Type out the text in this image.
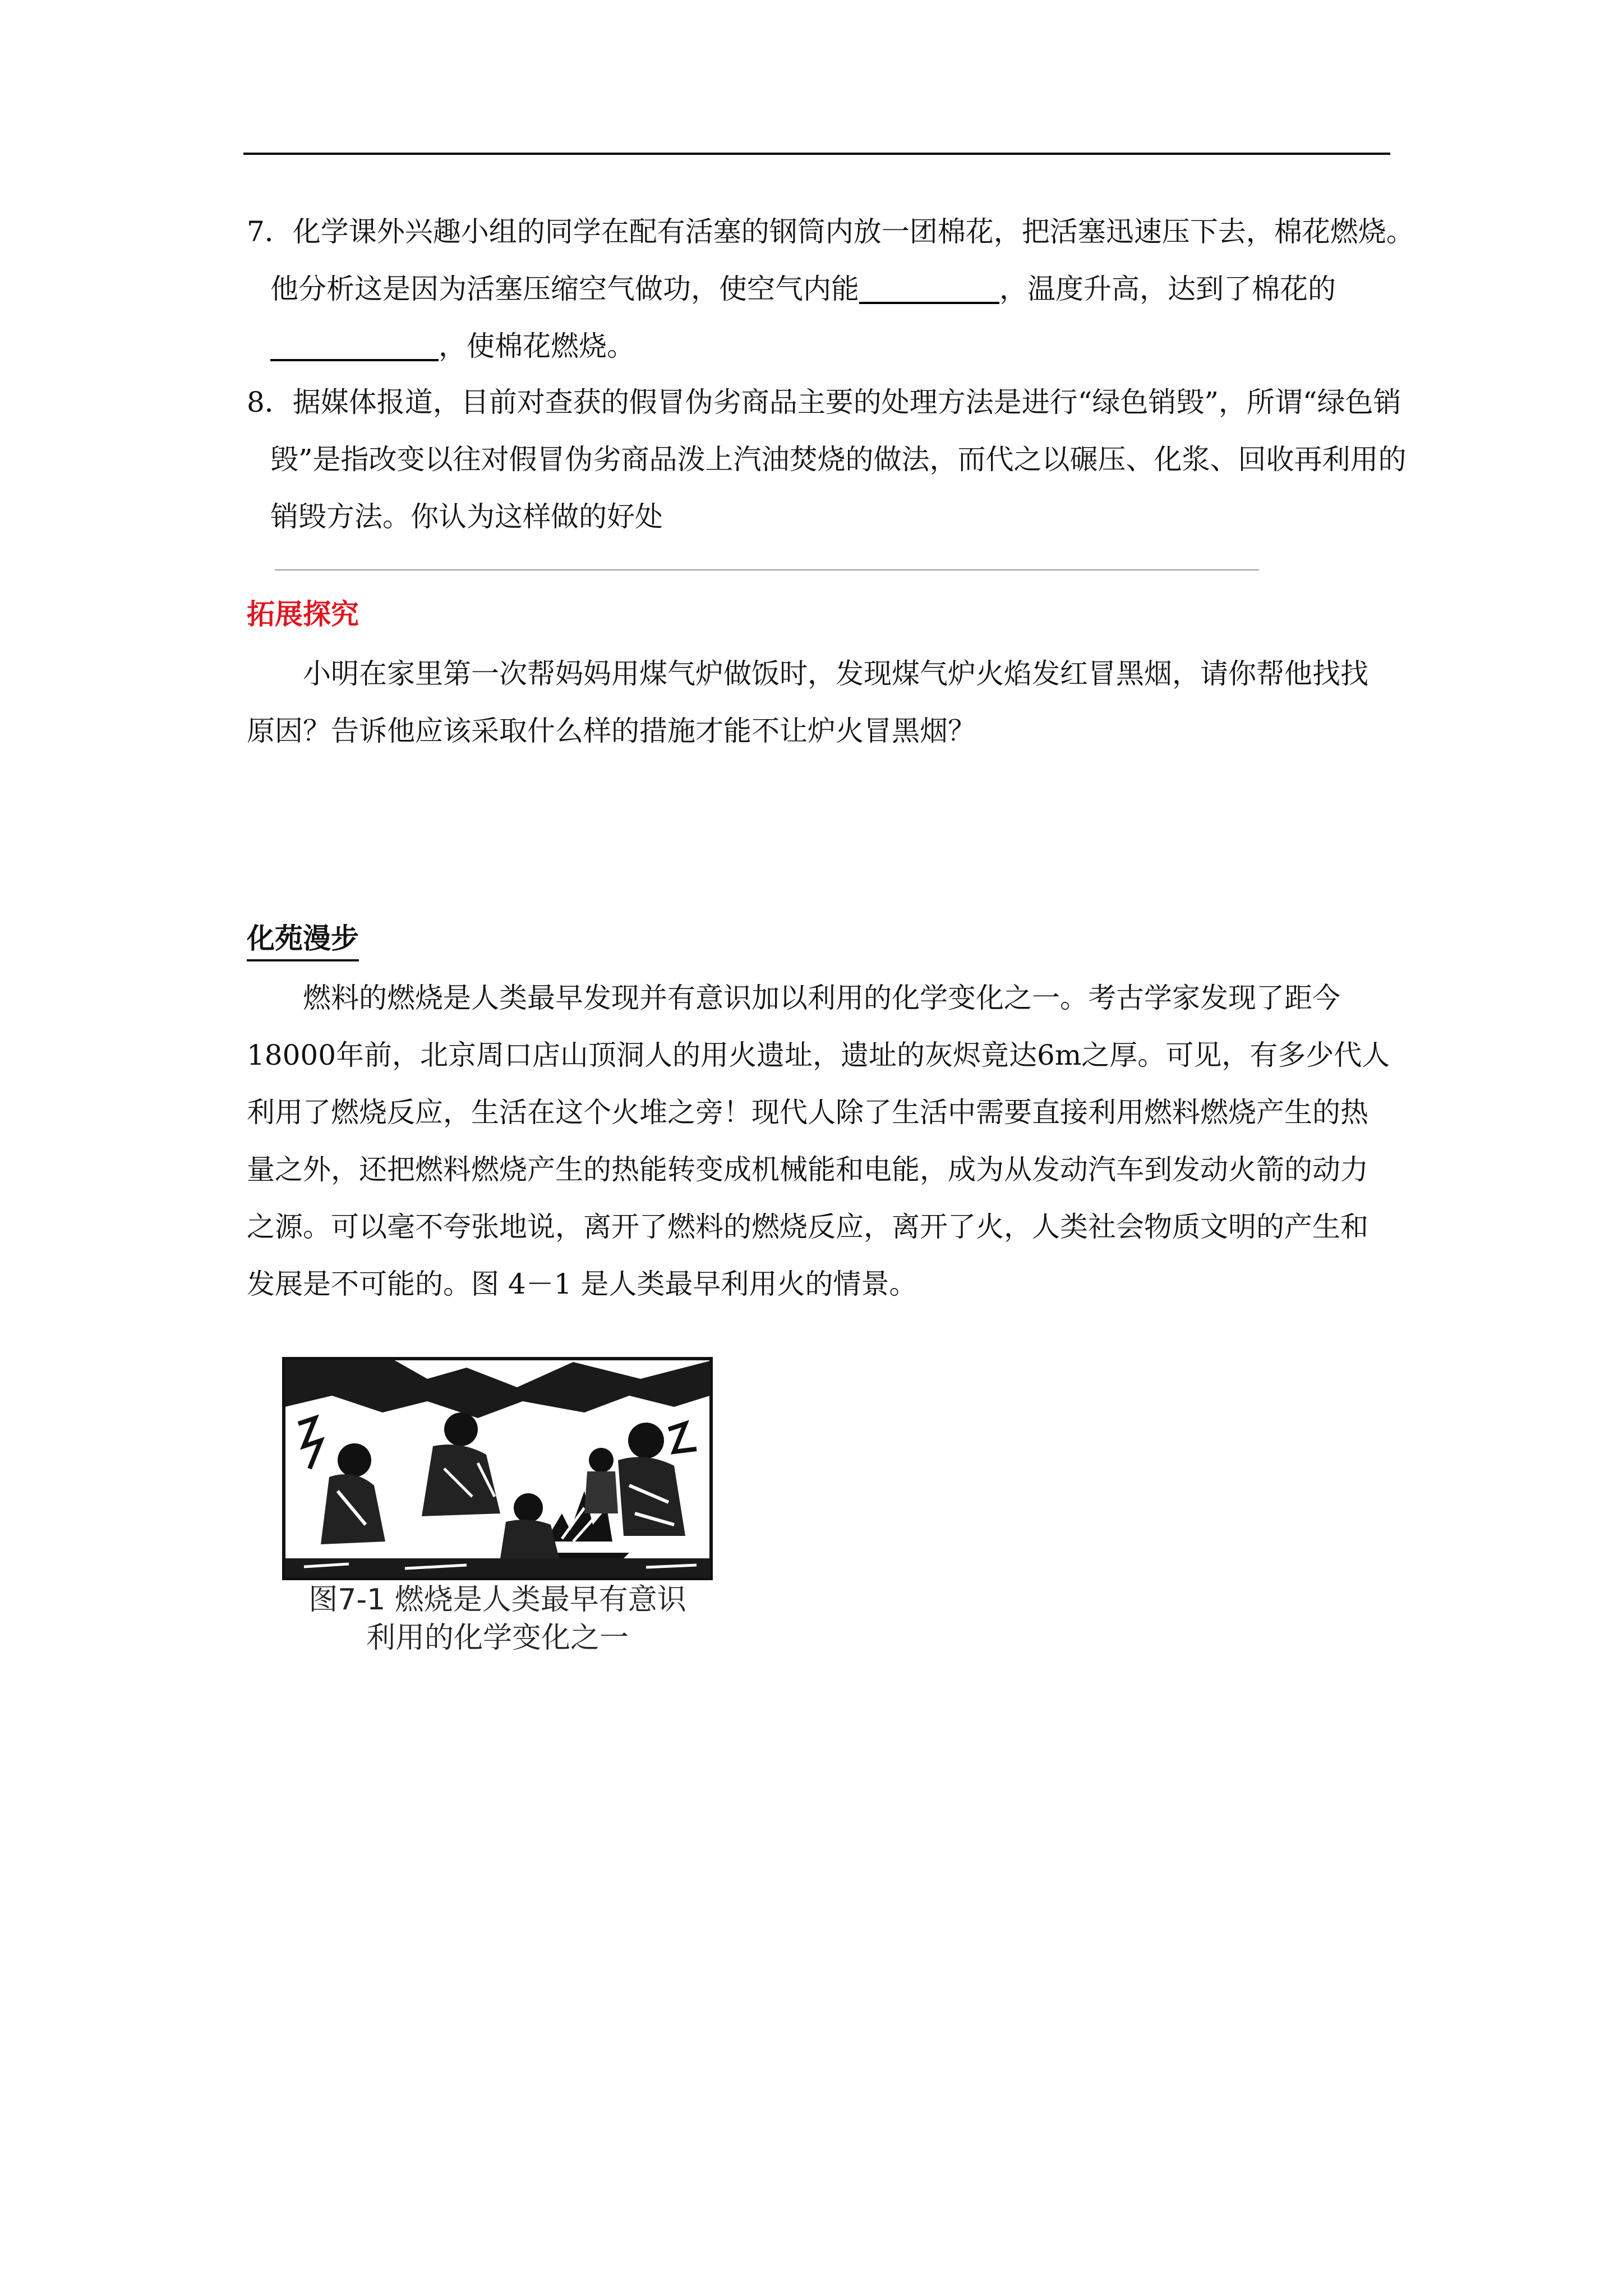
7．化学课外兴趣小组的同学在配有活塞的钢筒内放一团棉花，把活塞迅速压下去，棉花燃烧。他分析这是因为活塞压缩空气做功，使空气内能	，温度升高，达到了棉花的，使棉花燃烧。
8．据媒体报道，目前对查获的假冒伪劣商品主要的处理方法是进行“绿色销毁”，所谓“绿色销毁”是指改变以往对假冒伪劣商品泼上汽油焚烧的做法，而代之以碾压、化浆、回收再利用的销毁方法。你认为这样做的好处
拓展探究
小明在家里第一次帮妈妈用煤气炉做饭时，发现煤气炉火焰发红冒黑烟，请你帮他找找原因？告诉他应该采取什么样的措施才能不让炉火冒黑烟？
化苑漫步
燃料的燃烧是人类最早发现并有意识加以利用的化学变化之一。考古学家发现了距今18000年前，北京周口店山顶洞人的用火遗址，遗址的灰烬竟达6m之厚。可见，有多少代人利用了燃烧反应，生活在这个火堆之旁！现代人除了生活中需要直接利用燃料燃烧产生的热量之外，还把燃料燃烧产生的热能转变成机械能和电能，成为从发动汽车到发动火箭的动力之源。可以毫不夸张地说，离开了燃料的燃烧反应，离开了火，人类社会物质文明的产生和发展是不可能的。图 4－1 是人类最早利用火的情景。
图7-1 燃烧是人类最早有意识
利用的化学变化之一
